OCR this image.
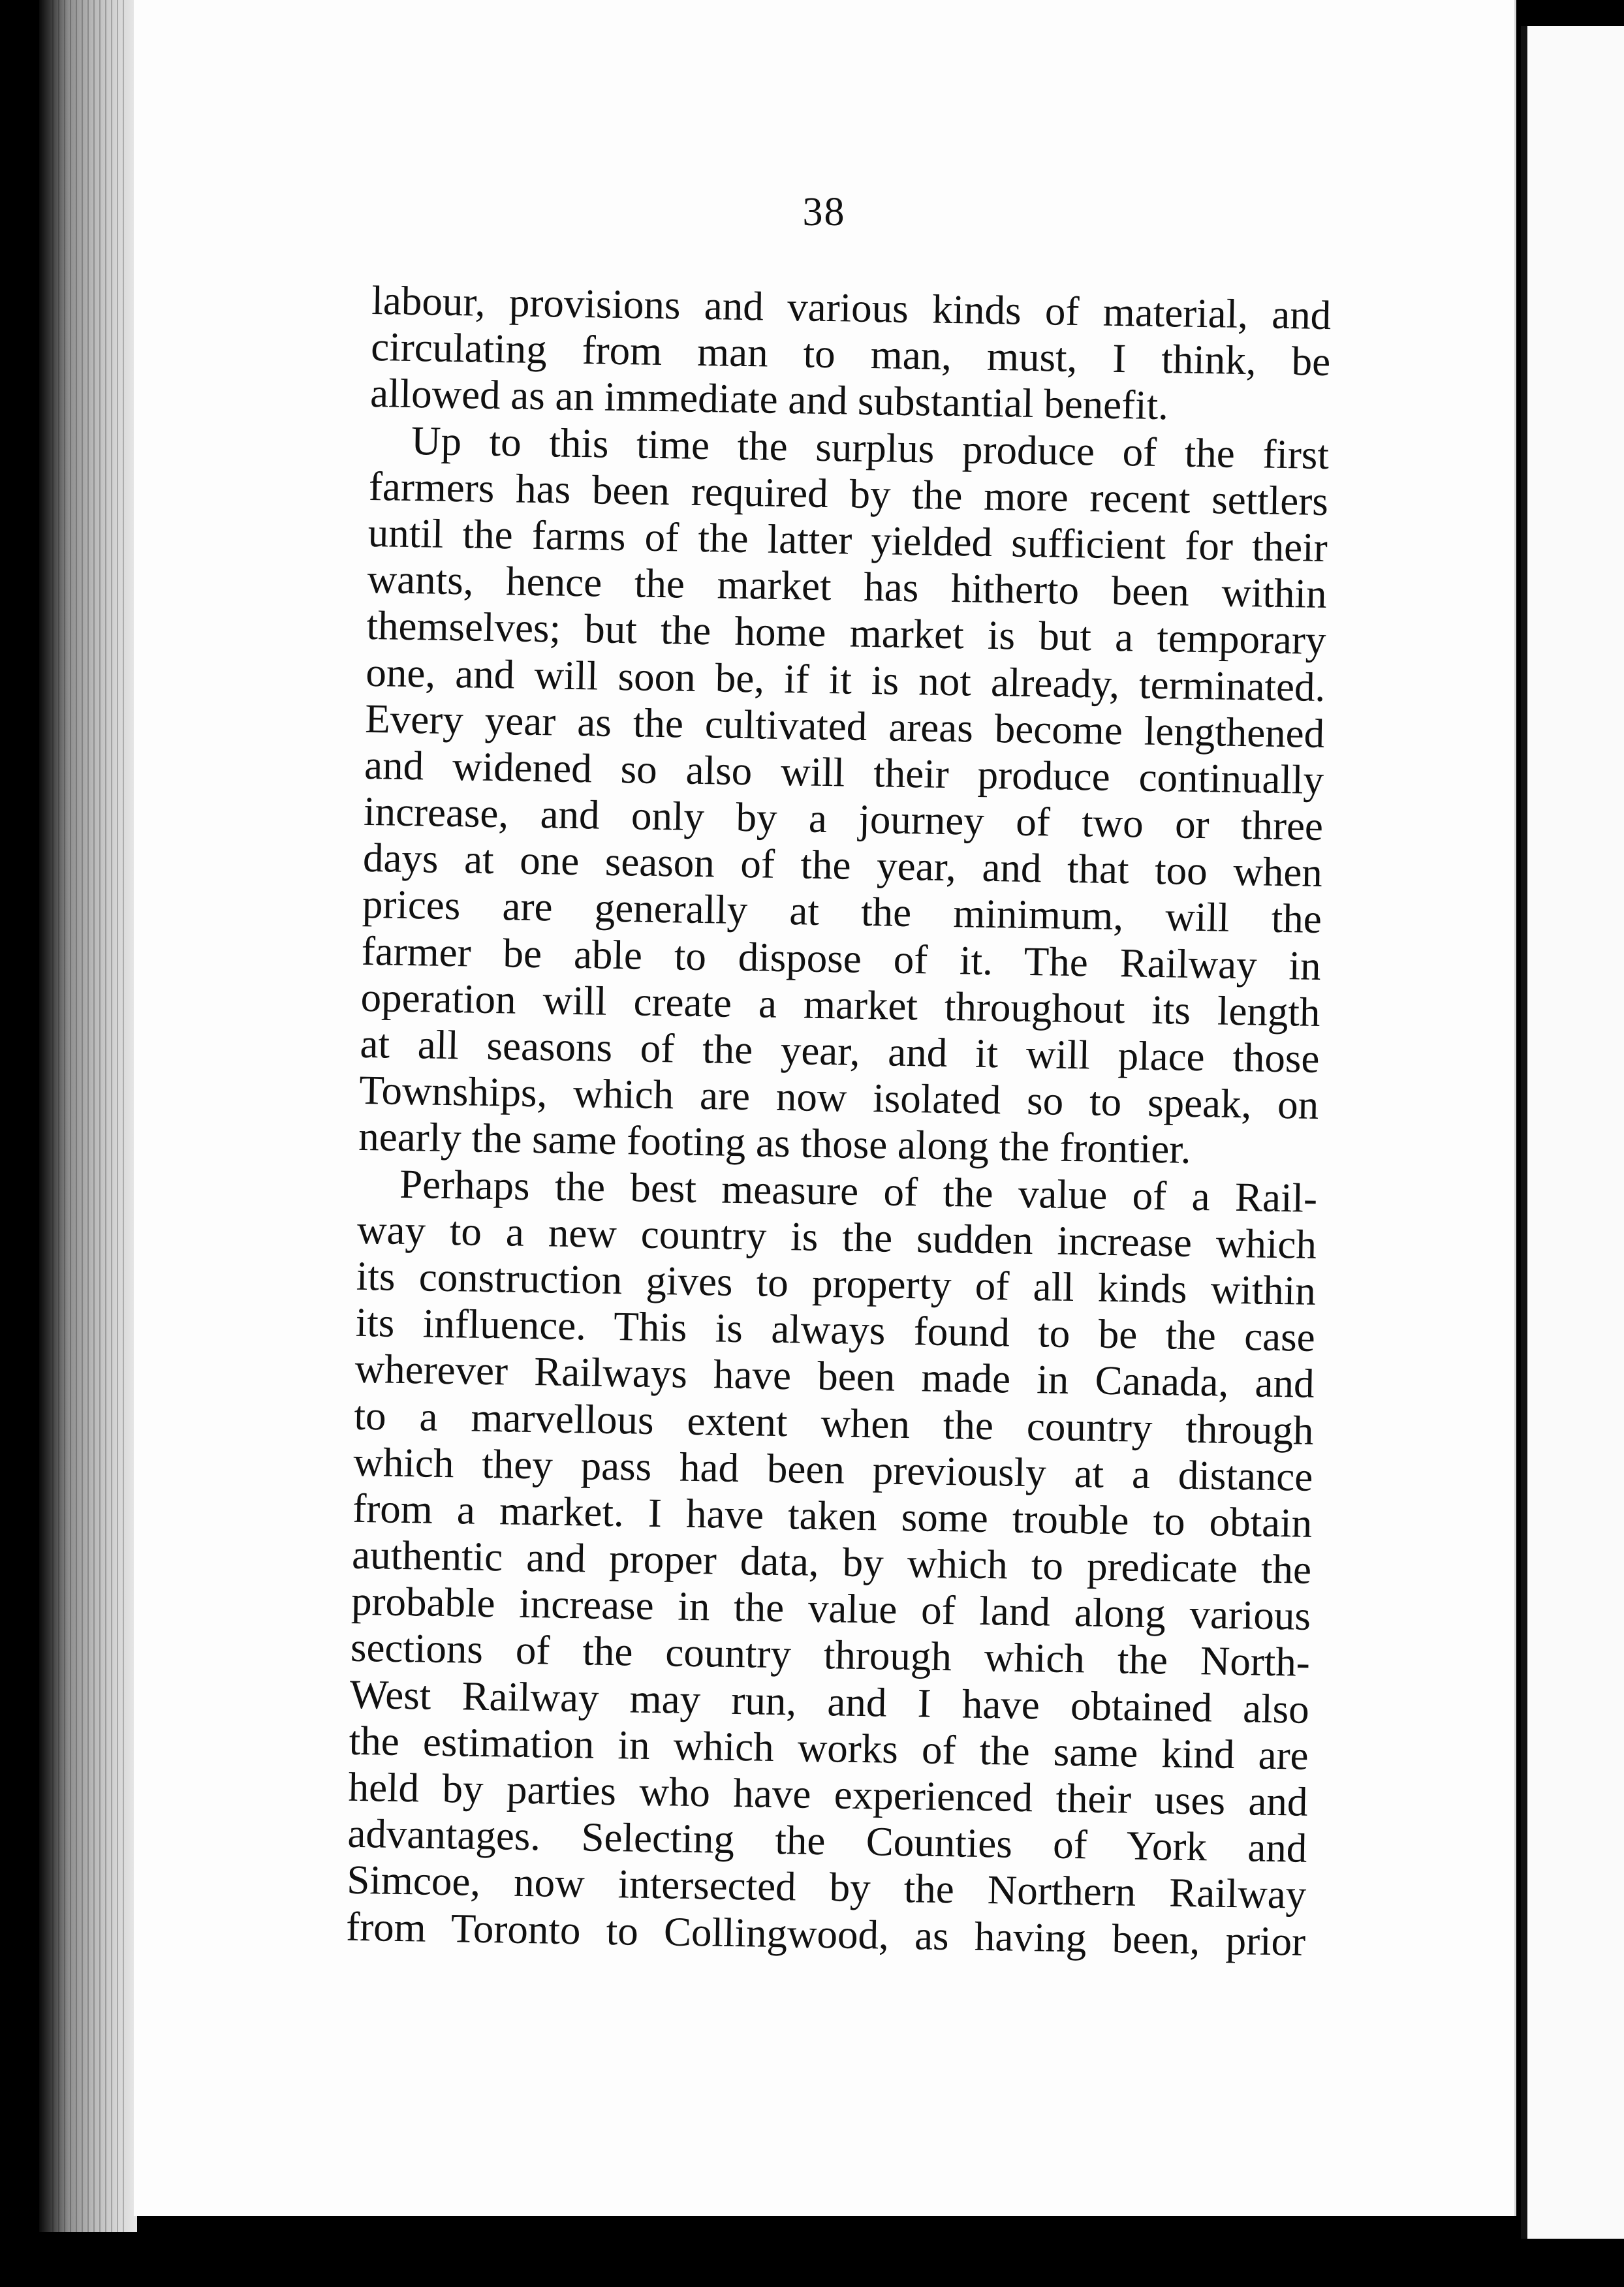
38
labour, provisions and various kinds of material, and
circulating from man to man, must, I think, be
allowed as an immediate and substantial benefit.
Up to this time the surplus produce of the first
farmers has been required by the more recent settlers
until the farms of the latter yielded sufficient for their
wants, hence the market has hitherto been within
themselves; but the home market is but a temporary
one, and will soon be, if it is not already, terminated.
Every year as the cultivated areas become lengthened
and widened so also will their produce continually
increase, and only by a journey of two or three
days at one season of the year, and that too when
prices are generally at the minimum, will the
farmer be able to dispose of it. The Railway in
operation will create a market throughout its length
at all seasons of the year, and it will place those
Townships, which are now isolated so to speak, on
nearly the same footing as those along the frontier.
Perhaps the best measure of the value of a Rail-
way to a new country is the sudden increase which
its construction gives to property of all kinds within
its influence. This is always found to be the case
wherever Railways have been made in Canada, and
to a marvellous extent when the country through
which they pass had been previously at a distance
from a market. I have taken some trouble to obtain
authentic and proper data, by which to predicate the
probable increase in the value of land along various
sections of the country through which the North-
West Railway may run, and I have obtained also
the estimation in which works of the same kind are
held by parties who have experienced their uses and
advantages. Selecting the Counties of York and
Simcoe, now intersected by the Northern Railway
from Toronto to Collingwood, as having been, prior
